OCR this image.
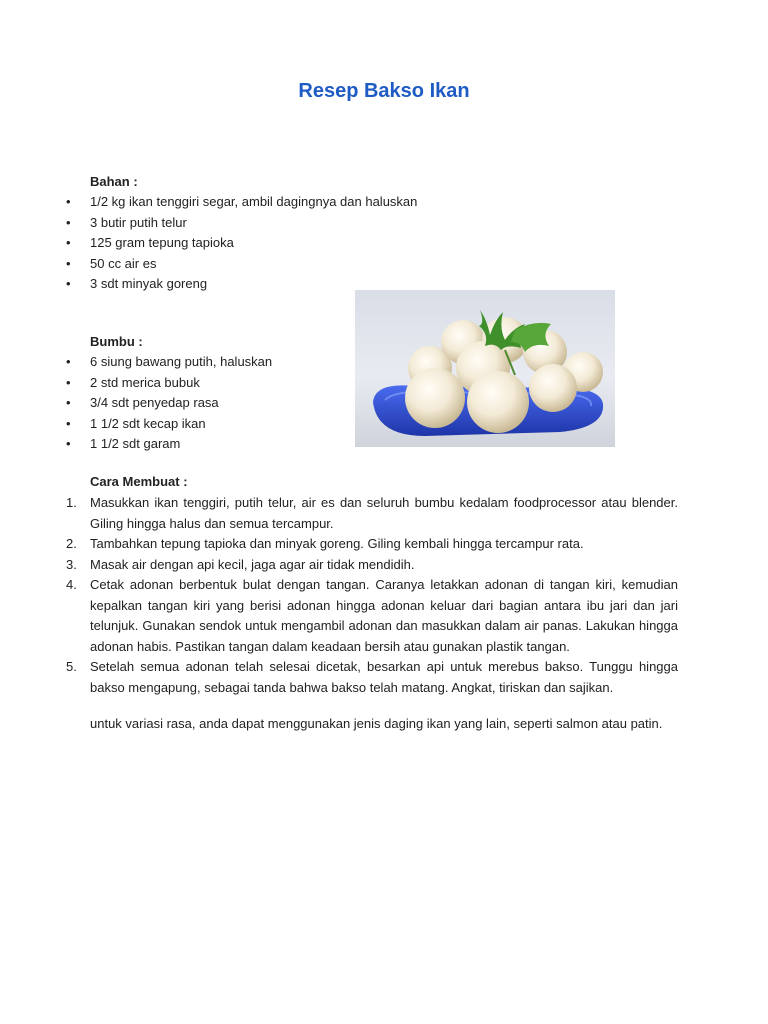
Resep Bakso Ikan
Bahan :
•	1/2 kg ikan tenggiri segar, ambil dagingnya dan haluskan
•	3 butir putih telur
•	125 gram tepung tapioka
•	50 cc air es
•	3 sdt minyak goreng
Bumbu :
•	6 siung bawang putih, haluskan
•	2 std merica bubuk
•	3/4 sdt penyedap rasa
•	1 1/2 sdt kecap ikan
•	1 1/2 sdt garam
Cara Membuat :
1.	Masukkan ikan tenggiri, putih telur, air es dan seluruh bumbu kedalam foodprocessor atau blender. Giling hingga halus dan semua tercampur.
2.	Tambahkan tepung tapioka dan minyak goreng. Giling kembali hingga tercampur rata.
3.	Masak air dengan api kecil, jaga agar air tidak mendidih.
4.	Cetak adonan berbentuk bulat dengan tangan. Caranya letakkan adonan di tangan kiri, kemudian kepalkan tangan kiri yang berisi adonan hingga adonan keluar dari bagian antara ibu jari dan jari telunjuk. Gunakan sendok untuk mengambil adonan dan masukkan dalam air panas. Lakukan hingga adonan habis. Pastikan tangan dalam keadaan bersih atau gunakan plastik tangan.
5.	Setelah semua adonan telah selesai dicetak, besarkan api untuk merebus bakso. Tunggu hingga bakso mengapung, sebagai tanda bahwa bakso telah matang. Angkat, tiriskan dan sajikan.
untuk variasi rasa, anda dapat menggunakan jenis daging ikan yang lain, seperti salmon atau patin.
